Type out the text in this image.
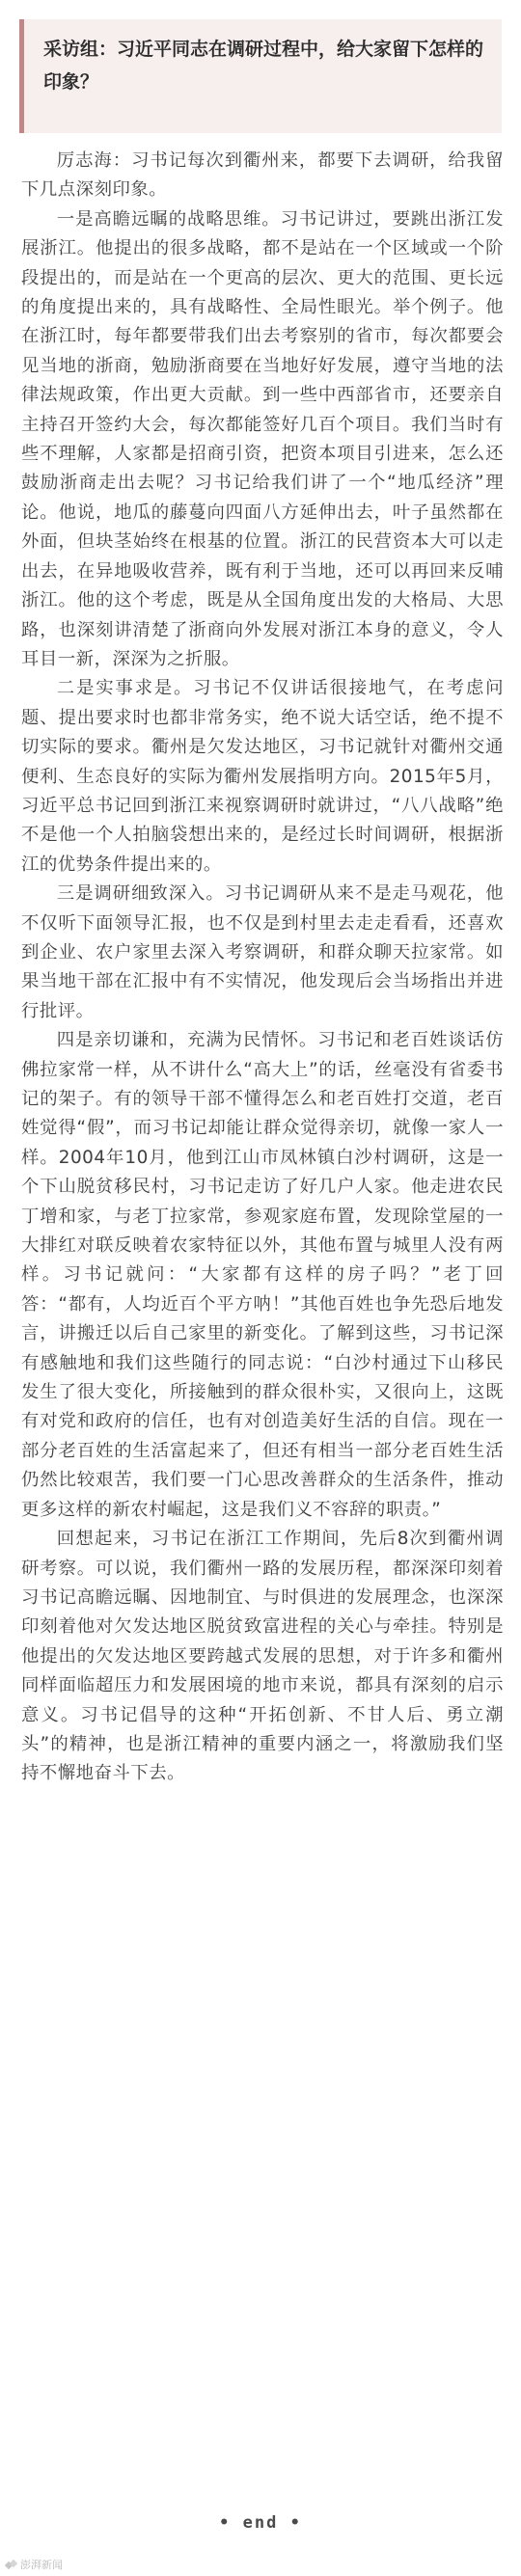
采访组：习近平同志在调研过程中，给大家留下怎样的印象？

厉志海：习书记每次到衢州来，都要下去调研，给我留下几点深刻印象。

一是高瞻远瞩的战略思维。习书记讲过，要跳出浙江发展浙江。他提出的很多战略，都不是站在一个区域或一个阶段提出的，而是站在一个更高的层次、更大的范围、更长远的角度提出来的，具有战略性、全局性眼光。举个例子。他在浙江时，每年都要带我们出去考察别的省市，每次都要会见当地的浙商，勉励浙商要在当地好好发展，遵守当地的法律法规政策，作出更大贡献。到一些中西部省市，还要亲自主持召开签约大会，每次都能签好几百个项目。我们当时有些不理解，人家都是招商引资，把资本项目引进来，怎么还鼓励浙商走出去呢？习书记给我们讲了一个“地瓜经济”理论。他说，地瓜的藤蔓向四面八方延伸出去，叶子虽然都在外面，但块茎始终在根基的位置。浙江的民营资本大可以走出去，在异地吸收营养，既有利于当地，还可以再回来反哺浙江。他的这个考虑，既是从全国角度出发的大格局、大思路，也深刻讲清楚了浙商向外发展对浙江本身的意义，令人耳目一新，深深为之折服。

二是实事求是。习书记不仅讲话很接地气，在考虑问题、提出要求时也都非常务实，绝不说大话空话，绝不提不切实际的要求。衢州是欠发达地区，习书记就针对衢州交通便利、生态良好的实际为衢州发展指明方向。2015年5月，习近平总书记回到浙江来视察调研时就讲过，“八八战略”绝不是他一个人拍脑袋想出来的，是经过长时间调研，根据浙江的优势条件提出来的。

三是调研细致深入。习书记调研从来不是走马观花，他不仅听下面领导汇报，也不仅是到村里去走走看看，还喜欢到企业、农户家里去深入考察调研，和群众聊天拉家常。如果当地干部在汇报中有不实情况，他发现后会当场指出并进行批评。

四是亲切谦和，充满为民情怀。习书记和老百姓谈话仿佛拉家常一样，从不讲什么“高大上”的话，丝毫没有省委书记的架子。有的领导干部不懂得怎么和老百姓打交道，老百姓觉得“假”，而习书记却能让群众觉得亲切，就像一家人一样。2004年10月，他到江山市凤林镇白沙村调研，这是一个下山脱贫移民村，习书记走访了好几户人家。他走进农民丁增和家，与老丁拉家常，参观家庭布置，发现除堂屋的一大排红对联反映着农家特征以外，其他布置与城里人没有两样。习书记就问：“大家都有这样的房子吗？”老丁回答：“都有，人均近百个平方呐！”其他百姓也争先恐后地发言，讲搬迁以后自己家里的新变化。了解到这些，习书记深有感触地和我们这些随行的同志说：“白沙村通过下山移民发生了很大变化，所接触到的群众很朴实，又很向上，这既有对党和政府的信任，也有对创造美好生活的自信。现在一部分老百姓的生活富起来了，但还有相当一部分老百姓生活仍然比较艰苦，我们要一门心思改善群众的生活条件，推动更多这样的新农村崛起，这是我们义不容辞的职责。”

回想起来，习书记在浙江工作期间，先后8次到衢州调研考察。可以说，我们衢州一路的发展历程，都深深印刻着习书记高瞻远瞩、因地制宜、与时俱进的发展理念，也深深印刻着他对欠发达地区脱贫致富进程的关心与牵挂。特别是他提出的欠发达地区要跨越式发展的思想，对于许多和衢州同样面临超压力和发展困境的地市来说，都具有深刻的启示意义。习书记倡导的这种“开拓创新、不甘人后、勇立潮头”的精神，也是浙江精神的重要内涵之一，将激励我们坚持不懈地奋斗下去。

• end •
澎湃新闻
